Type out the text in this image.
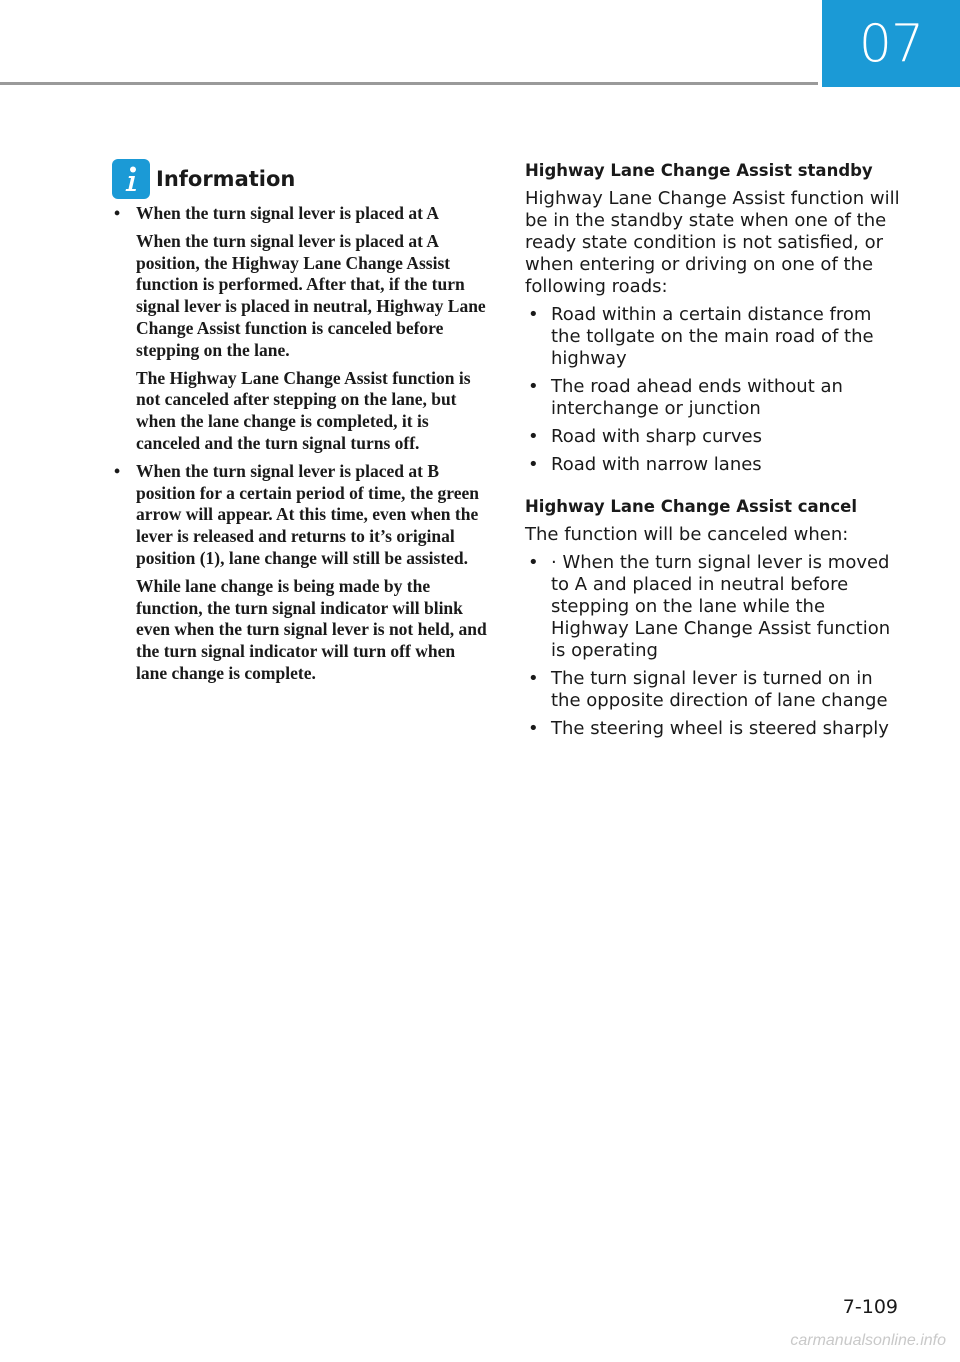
07
Information
• When the turn signal lever is placed at A

When the turn signal lever is placed at A position, the Highway Lane Change Assist function is performed. After that, if the turn signal lever is placed in neutral, Highway Lane Change Assist function is canceled before stepping on the lane.

The Highway Lane Change Assist function is not canceled after stepping on the lane, but when the lane change is completed, it is canceled and the turn signal turns off.

• When the turn signal lever is placed at B position for a certain period of time, the green arrow will appear. At this time, even when the lever is released and returns to it’s original position (1), lane change will still be assisted.

While lane change is being made by the function, the turn signal indicator will blink even when the turn signal lever is not held, and the turn signal indicator will turn off when lane change is complete.

Highway Lane Change Assist standby

Highway Lane Change Assist function will be in the standby state when one of the ready state condition is not satisfied, or when entering or driving on one of the following roads:

• Road within a certain distance from the tollgate on the main road of the highway
• The road ahead ends without an interchange or junction
• Road with sharp curves
• Road with narrow lanes
Highway Lane Change Assist cancel

The function will be canceled when:

• · When the turn signal lever is moved to A and placed in neutral before stepping on the lane while the Highway Lane Change Assist function is operating
• The turn signal lever is turned on in the opposite direction of lane change
• The steering wheel is steered sharply
7-109
carmanualsonline.info
